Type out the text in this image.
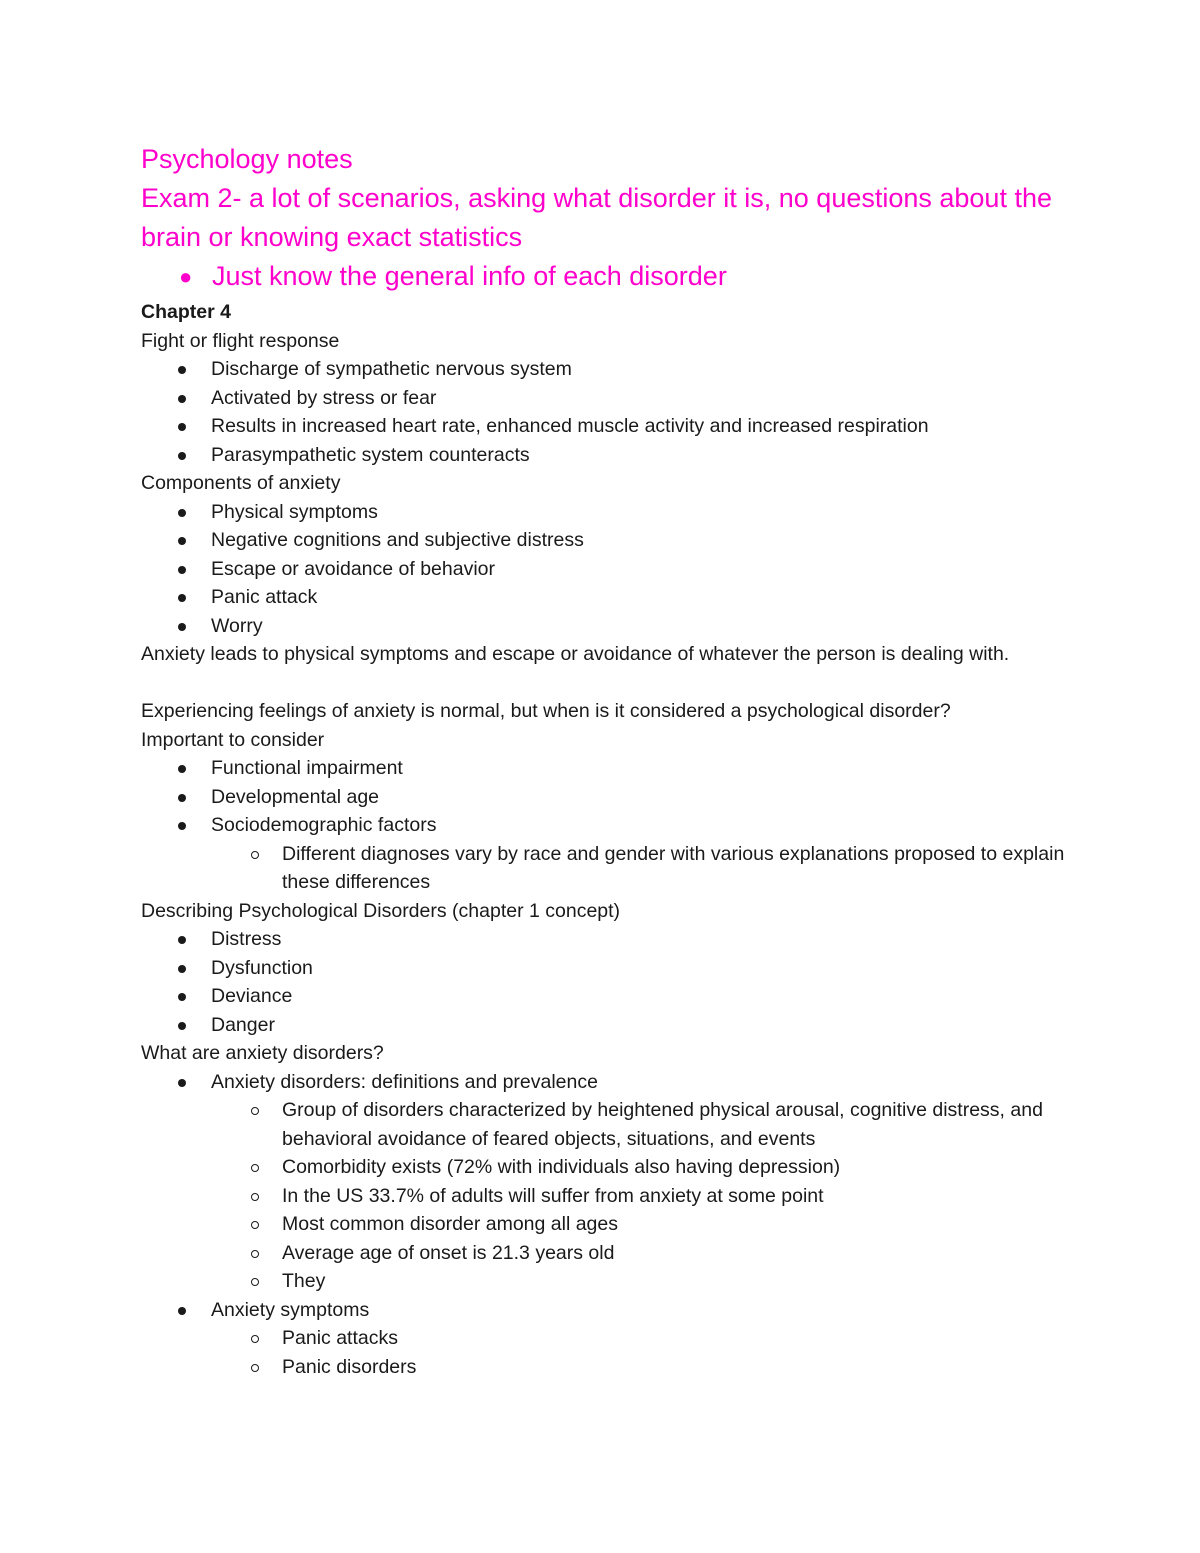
Psychology notes

Exam 2- a lot of scenarios, asking what disorder it is, no questions about the brain or knowing exact statistics

● Just know the general info of each disorder

Chapter 4

Fight or flight response

Discharge of sympathetic nervous system
Activated by stress or fear
Results in increased heart rate, enhanced muscle activity and increased respiration
Parasympathetic system counteracts

Components of anxiety

Physical symptoms
Negative cognitions and subjective distress
Escape or avoidance of behavior
Panic attack
Worry

Anxiety leads to physical symptoms and escape or avoidance of whatever the person is dealing with.

Experiencing feelings of anxiety is normal, but when is it considered a psychological disorder?

Important to consider

Functional impairment
Developmental age
Sociodemographic factors
Different diagnoses vary by race and gender with various explanations proposed to explain these differences

Describing Psychological Disorders (chapter 1 concept)

Distress
Dysfunction
Deviance
Danger

What are anxiety disorders?

Anxiety disorders: definitions and prevalence
Group of disorders characterized by heightened physical arousal, cognitive distress, and behavioral avoidance of feared objects, situations, and events
Comorbidity exists (72% with individuals also having depression)
In the US 33.7% of adults will suffer from anxiety at some point
Most common disorder among all ages
Average age of onset is 21.3 years old
They
Anxiety symptoms
Panic attacks
Panic disorders
